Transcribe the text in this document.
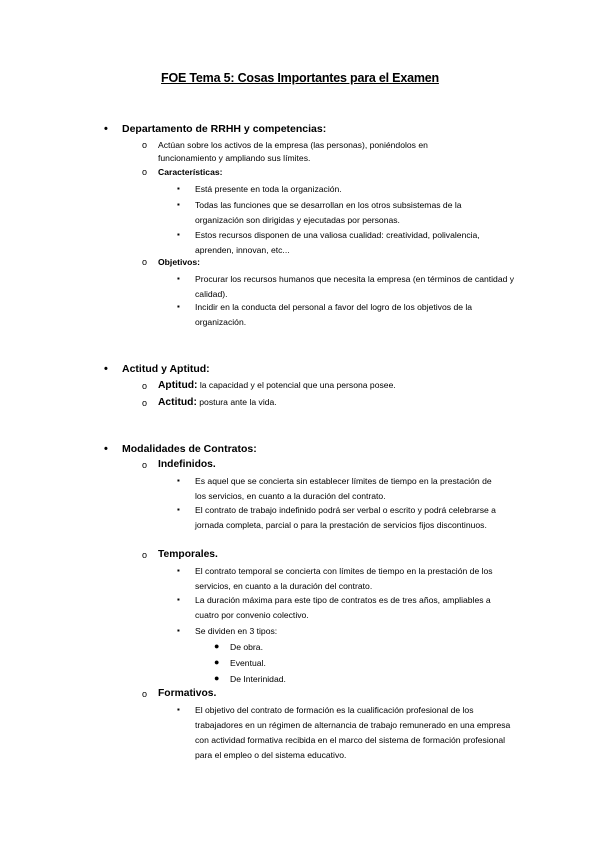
FOE Tema 5: Cosas Importantes para el Examen
• Departamento de RRHH y competencias:
o Actúan sobre los activos de la empresa (las personas), poniéndolos en funcionamiento y ampliando sus límites.
o Características:
▪ Está presente en toda la organización.
▪ Todas las funciones que se desarrollan en los otros subsistemas de la organización son dirigidas y ejecutadas por personas.
▪ Estos recursos disponen de una valiosa cualidad: creatividad, polivalencia, aprenden, innovan, etc...
o Objetivos:
▪ Procurar los recursos humanos que necesita la empresa (en términos de cantidad y calidad).
▪ Incidir en la conducta del personal a favor del logro de los objetivos de la organización.
• Actitud y Aptitud:
o Aptitud: la capacidad y el potencial que una persona posee.
o Actitud: postura ante la vida.
• Modalidades de Contratos:
o Indefinidos.
▪ Es aquel que se concierta sin establecer límites de tiempo en la prestación de los servicios, en cuanto a la duración del contrato.
▪ El contrato de trabajo indefinido podrá ser verbal o escrito y podrá celebrarse a jornada completa, parcial o para la prestación de servicios fijos discontinuos.
o Temporales.
▪ El contrato temporal se concierta con límites de tiempo en la prestación de los servicios, en cuanto a la duración del contrato.
▪ La duración máxima para este tipo de contratos es de tres años, ampliables a cuatro por convenio colectivo.
▪ Se dividen en 3 tipos:
● De obra.
● Eventual.
● De Interinidad.
o Formativos.
▪ El objetivo del contrato de formación es la cualificación profesional de los trabajadores en un régimen de alternancia de trabajo remunerado en una empresa con actividad formativa recibida en el marco del sistema de formación profesional para el empleo o del sistema educativo.
